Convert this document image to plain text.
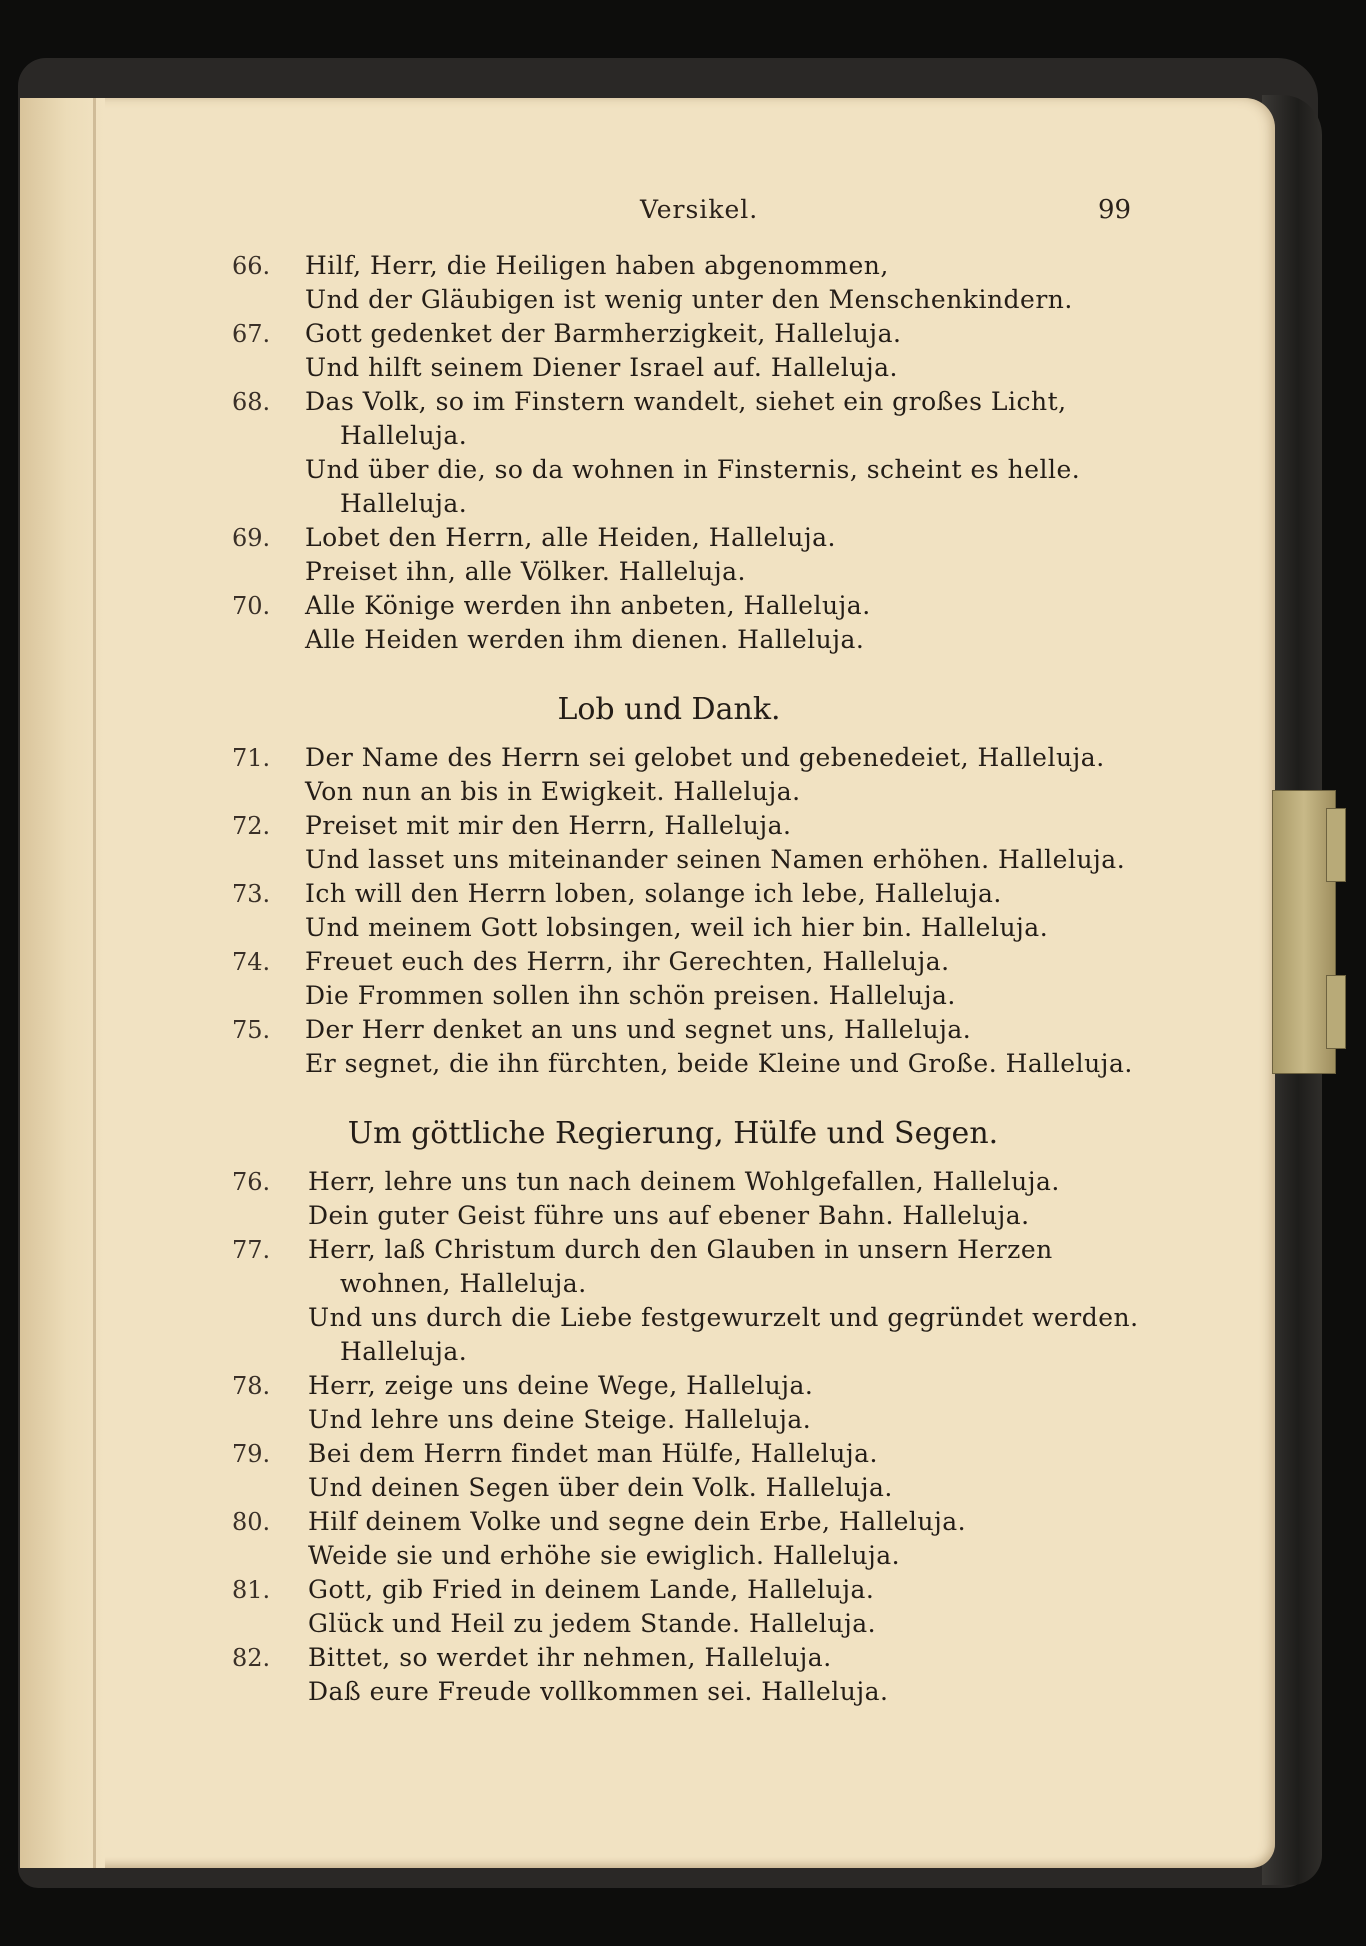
Versikel.	99
66.	Hilf, Herr, die Heiligen haben abgenommen,
Und der Gläubigen ist wenig unter den Menschenkindern.
67.	Gott gedenket der Barmherzigkeit, Halleluja.
Und hilft seinem Diener Israel auf. Halleluja.
68.	Das Volk, so im Finstern wandelt, siehet ein großes Licht,
Halleluja.
Und über die, so da wohnen in Finsternis, scheint es helle.
Halleluja.
69.	Lobet den Herrn, alle Heiden, Halleluja.
Preiset ihn, alle Völker. Halleluja.
70.	Alle Könige werden ihn anbeten, Halleluja.
Alle Heiden werden ihm dienen. Halleluja.
Lob und Dank.
71.	Der Name des Herrn sei gelobet und gebenedeiet, Halleluja.
Von nun an bis in Ewigkeit. Halleluja.
72.	Preiset mit mir den Herrn, Halleluja.
Und lasset uns miteinander seinen Namen erhöhen. Halleluja.
73.	Ich will den Herrn loben, solange ich lebe, Halleluja.
Und meinem Gott lobsingen, weil ich hier bin. Halleluja.
74.	Freuet euch des Herrn, ihr Gerechten, Halleluja.
Die Frommen sollen ihn schön preisen. Halleluja.
75.	Der Herr denket an uns und segnet uns, Halleluja.
Er segnet, die ihn fürchten, beide Kleine und Große. Halleluja.
Um göttliche Regierung, Hülfe und Segen.
76.	Herr, lehre uns tun nach deinem Wohlgefallen, Halleluja.
Dein guter Geist führe uns auf ebener Bahn. Halleluja.
77.	Herr, laß Christum durch den Glauben in unsern Herzen
wohnen, Halleluja.
Und uns durch die Liebe festgewurzelt und gegründet werden.
Halleluja.
78.	Herr, zeige uns deine Wege, Halleluja.
Und lehre uns deine Steige. Halleluja.
79.	Bei dem Herrn findet man Hülfe, Halleluja.
Und deinen Segen über dein Volk. Halleluja.
80.	Hilf deinem Volke und segne dein Erbe, Halleluja.
Weide sie und erhöhe sie ewiglich. Halleluja.
81.	Gott, gib Fried in deinem Lande, Halleluja.
Glück und Heil zu jedem Stande. Halleluja.
82.	Bittet, so werdet ihr nehmen, Halleluja.
Daß eure Freude vollkommen sei. Halleluja.
